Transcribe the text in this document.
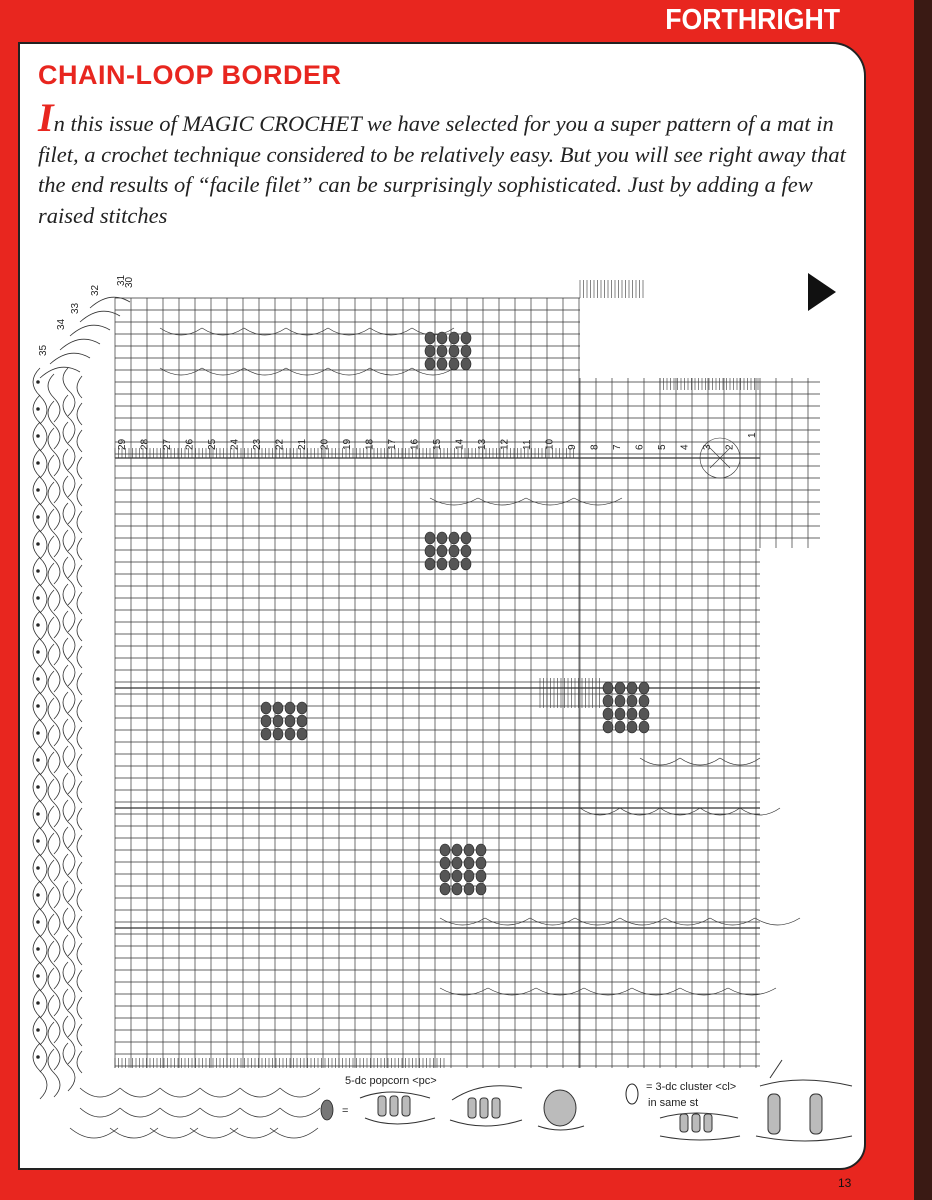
FORTHRIGHT
CHAIN-LOOP BORDER

In this issue of MAGIC CROCHET we have selected for you a super pattern of a mat in filet, a crochet technique considered to be relatively easy. But you will see right away that the end results of “facile filet” can be surprisingly sophisticated. Just by adding a few raised stitches

1
2
3
4
5
6
7
8
9
10
11
12
13
14
15
16
17
18
19
20
21
22
23
24
25
26
27
28
29
30
31
32
33
34
35
5-dc popcorn <pc>
=
= 3-dc cluster <cl>
in same st
13
